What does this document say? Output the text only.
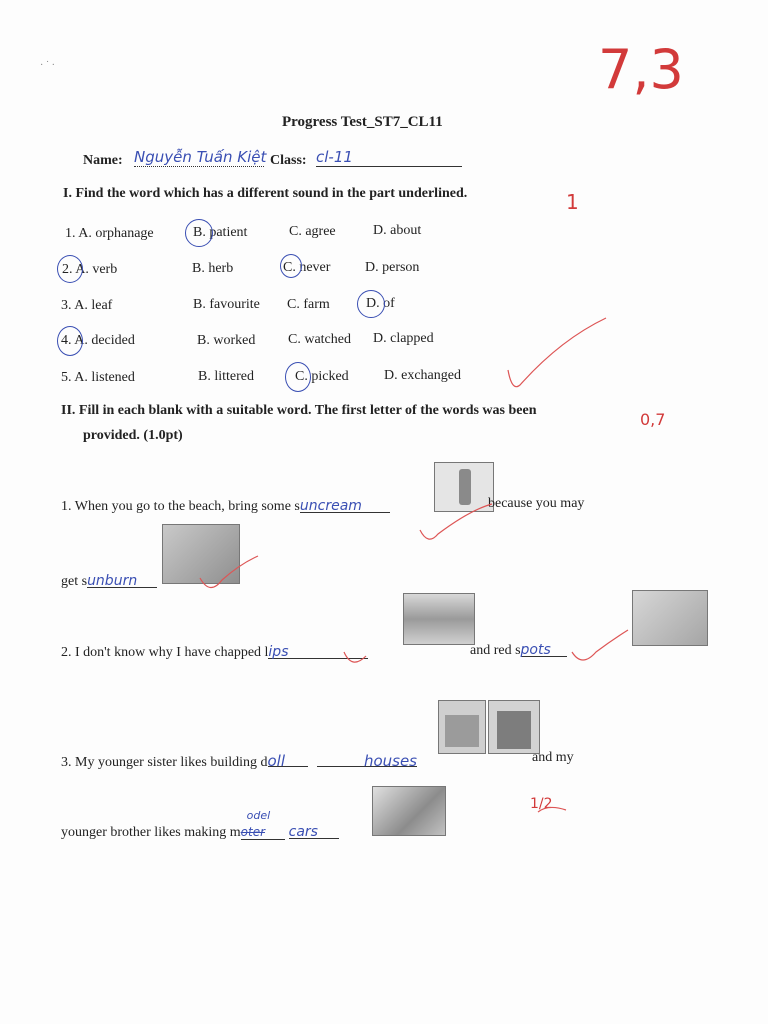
7,3
· ˙ ·
Progress Test_ST7_CL11
Name: Nguyễn Tuấn Kiệt Class: cl-11
I. Find the word which has a different sound in the part underlined.	1
1. A. orphanage	B. patient	C. agree	D. about
2. A. verb	B. herb	C. never D. person
3. A. leaf	B. favourite C. farm	D. of
4. A. decided	B. worked C. watched D. clapped
5. A. listened	B. littered	C. picked	D. exchanged
II. Fill in each blank with a suitable word. The first letter of the words was been
provided. (1.0pt)
0,7
1. When you go to the beach, bring some suncream	because you may
get sunburn
2. I don't know why I have chapped lips	and red spots
3. My younger sister likes building doll	houses	and my
1/2
younger brother likes making moter
odel
cars
